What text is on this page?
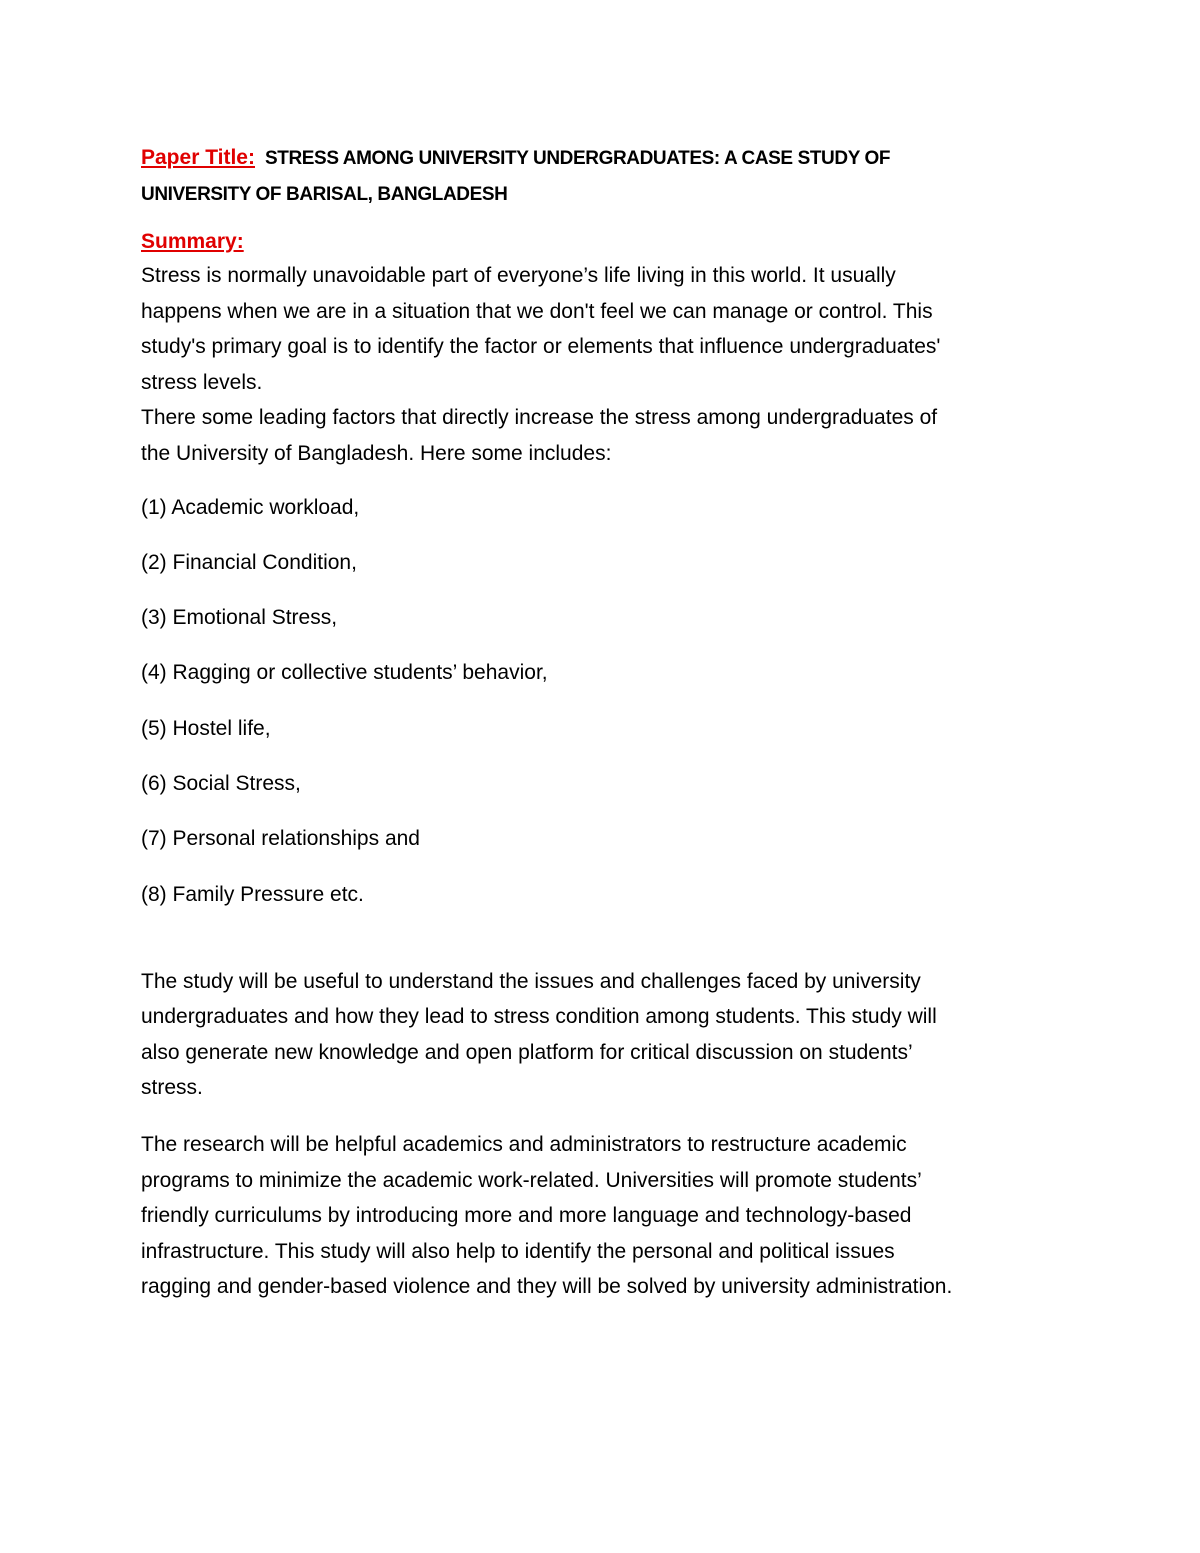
Paper Title: STRESS AMONG UNIVERSITY UNDERGRADUATES: A CASE STUDY OF
UNIVERSITY OF BARISAL, BANGLADESH
Summary:
Stress is normally unavoidable part of everyone’s life living in this world. It usually
happens when we are in a situation that we don't feel we can manage or control. This
study's primary goal is to identify the factor or elements that influence undergraduates'
stress levels.
There some leading factors that directly increase the stress among undergraduates of
the University of Bangladesh. Here some includes:
(1) Academic workload,
(2) Financial Condition,
(3) Emotional Stress,
(4) Ragging or collective students’ behavior,
(5) Hostel life,
(6) Social Stress,
(7) Personal relationships and
(8) Family Pressure etc.
The study will be useful to understand the issues and challenges faced by university
undergraduates and how they lead to stress condition among students. This study will
also generate new knowledge and open platform for critical discussion on students’
stress.
The research will be helpful academics and administrators to restructure academic
programs to minimize the academic work-related. Universities will promote students’
friendly curriculums by introducing more and more language and technology-based
infrastructure. This study will also help to identify the personal and political issues
ragging and gender-based violence and they will be solved by university administration.
